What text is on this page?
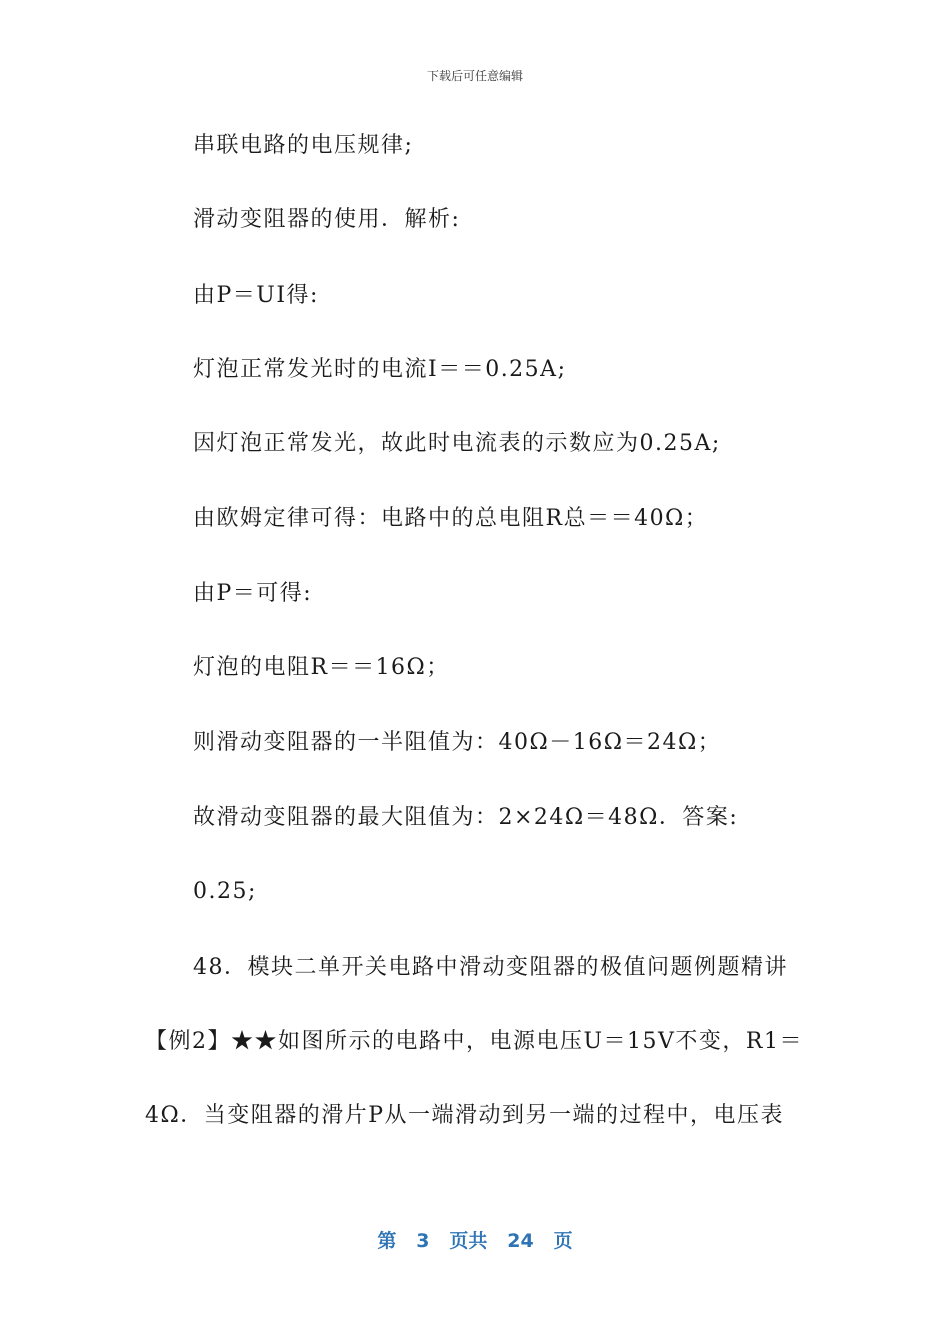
下载后可任意编辑
串联电路的电压规律;
滑动变阻器的使用．解析:
由P＝UI得:
灯泡正常发光时的电流I＝＝0.25A;
因灯泡正常发光，故此时电流表的示数应为0.25A;
由欧姆定律可得：电路中的总电阻R总＝＝40Ω；
由P＝可得:
灯泡的电阻R＝＝16Ω；
则滑动变阻器的一半阻值为：40Ω－16Ω＝24Ω；
故滑动变阻器的最大阻值为：2×24Ω＝48Ω．答案:
0.25;
48．模块二单开关电路中滑动变阻器的极值问题例题精讲
【例2】★★如图所示的电路中，电源电压U＝15V不变，R1＝
4Ω．当变阻器的滑片P从一端滑动到另一端的过程中，电压表
第 3 页共 24 页
